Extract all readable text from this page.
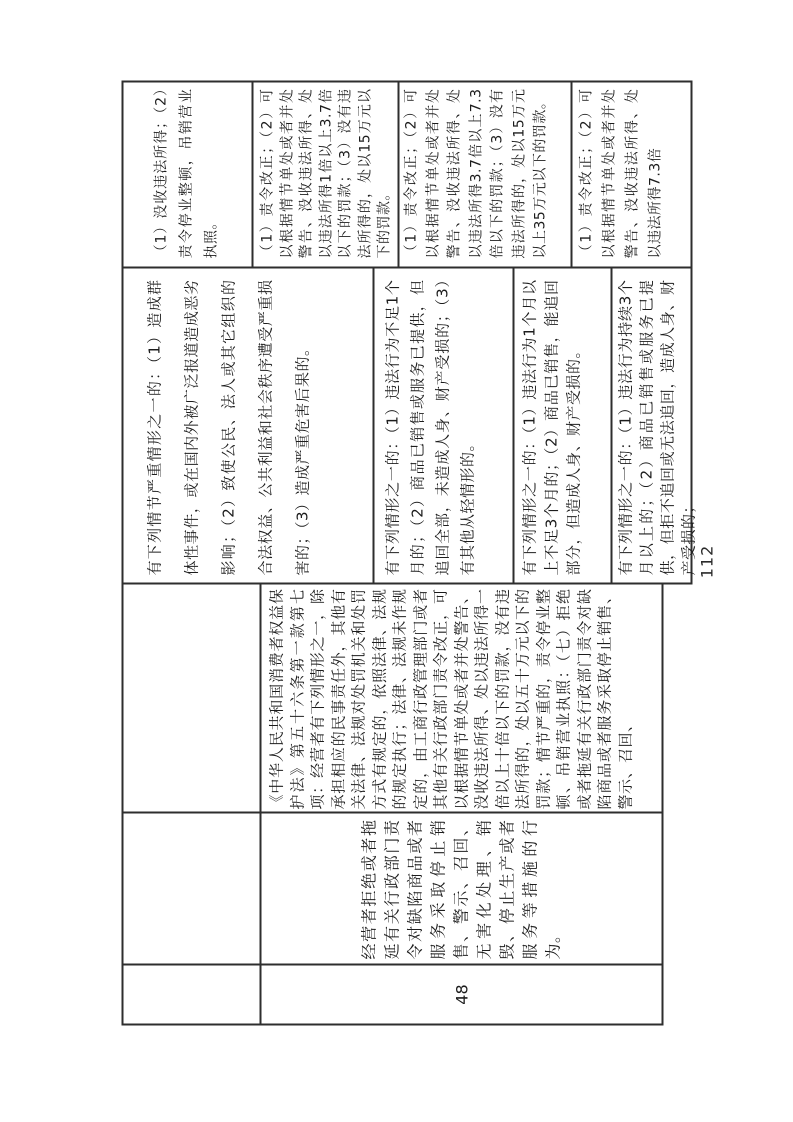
48
经营者拒绝或者拖延有关行政部门责令对缺陷商品或者服务采取停止销售、警示、召回、无害化处理、销毁、停止生产或者服务等措施的行为。
《中华人民共和国消费者权益保护法》第五十六条第一款第七项：经营者有下列情形之一，除承担相应的民事责任外，其他有关法律、法规对处罚机关和处罚方式有规定的，依照法律、法规的规定执行；法律、法规未作规定的，由工商行政管理部门或者其他有关行政部门责令改正，可以根据情节单处或者并处警告、没收违法所得、处以违法所得一倍以上十倍以下的罚款，没有违法所得的，处以五十万元以下的罚款；情节严重的，责令停业整顿、吊销营业执照：（七）拒绝或者拖延有关行政部门责令对缺陷商品或者服务采取停止销售、警示、召回、
有下列情节严重情形之一的：（1）造成群体性事件，或在国内外被广泛报道造成恶劣影响；（2）致使公民、法人或其它组织的合法权益、公共利益和社会秩序遭受严重损害的；（3）造成严重危害后果的。
（1）没收违法所得；（2）责令停业整顿，吊销营业执照。
有下列情形之一的：（1）违法行为不足1个月的；（2）商品已销售或服务已提供，但追回全部，未造成人身、财产受损的；（3）有其他从轻情形的。
（1）责令改正；（2）可以根据情节单处或者并处警告、没收违法所得、处以违法所得1倍以上3.7倍以下的罚款；（3）没有违法所得的，处以15万元以下的罚款。
有下列情形之一的：（1）违法行为1个月以上不足3个月的；（2）商品已销售，能追回部分，但造成人身、财产受损的。
（1）责令改正；（2）可以根据情节单处或者并处警告、没收违法所得、处以违法所得3.7倍以上7.3倍以下的罚款；（3）没有违法所得的，处以15万元以上35万元以下的罚款。
有下列情形之一的：（1）违法行为持续3个月以上的；（2）商品已销售或服务已提供，但拒不追回或无法追回，造成人身、财产受损的；
（1）责令改正；（2）可以根据情节单处或者并处警告、没收违法所得、处以违法所得7.3倍
112
